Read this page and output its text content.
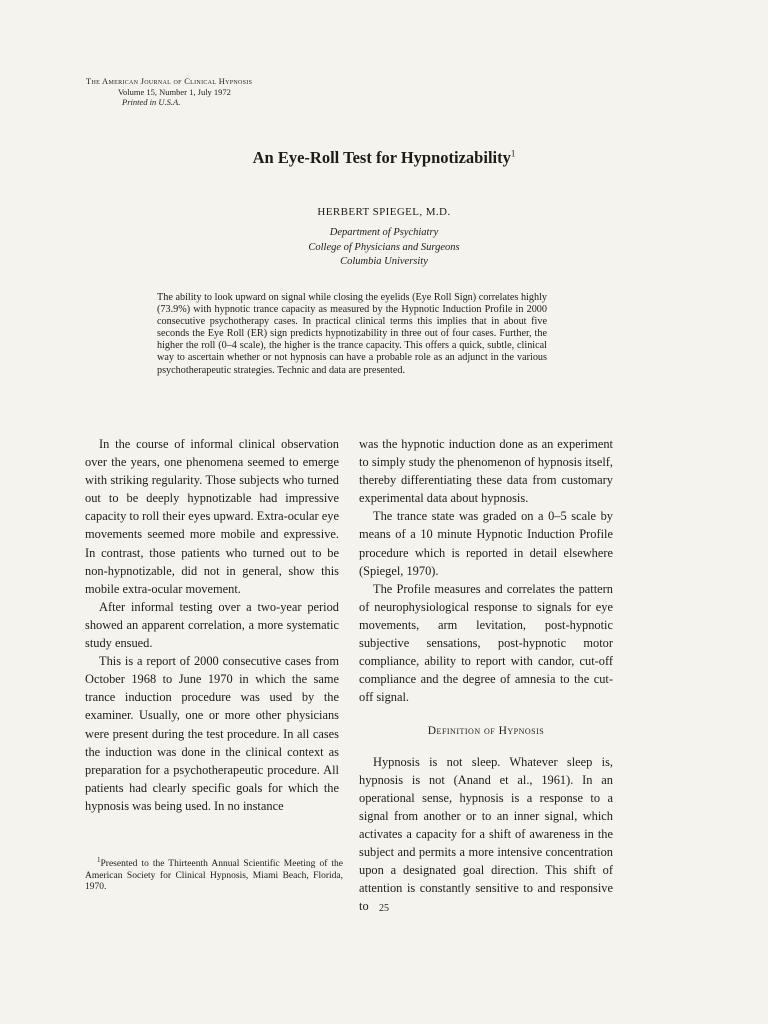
The American Journal of Clinical Hypnosis
Volume 15, Number 1, July 1972
Printed in U.S.A.
An Eye-Roll Test for Hypnotizability$^1$
HERBERT SPIEGEL, M.D.
Department of Psychiatry
College of Physicians and Surgeons
Columbia University

The ability to look upward on signal while closing the eyelids (Eye Roll Sign) correlates highly (73.9%) with hypnotic trance capacity as measured by the Hypnotic Induction Profile in 2000 consecutive psychotherapy cases. In practical clinical terms this implies that in about five seconds the Eye Roll (ER) sign predicts hypnotizability in three out of four cases. Further, the higher the roll (0–4 scale), the higher is the trance capacity. This offers a quick, subtle, clinical way to ascertain whether or not hypnosis can have a probable role as an adjunct in the various psychotherapeutic strategies. Technic and data are presented.

In the course of informal clinical observation over the years, one phenomena seemed to emerge with striking regularity. Those subjects who turned out to be deeply hypnotizable had impressive capacity to roll their eyes upward. Extra-ocular eye movements seemed more mobile and expressive. In contrast, those patients who turned out to be non-hypnotizable, did not in general, show this mobile extra-ocular movement.

After informal testing over a two-year period showed an apparent correlation, a more systematic study ensued.

This is a report of 2000 consecutive cases from October 1968 to June 1970 in which the same trance induction procedure was used by the examiner. Usually, one or more other physicians were present during the test procedure. In all cases the induction was done in the clinical context as preparation for a psychotherapeutic procedure. All patients had clearly specific goals for which the hypnosis was being used. In no instance

was the hypnotic induction done as an experiment to simply study the phenomenon of hypnosis itself, thereby differentiating these data from customary experimental data about hypnosis.

The trance state was graded on a 0–5 scale by means of a 10 minute Hypnotic Induction Profile procedure which is reported in detail elsewhere (Spiegel, 1970).

The Profile measures and correlates the pattern of neurophysiological response to signals for eye movements, arm levitation, post-hypnotic subjective sensations, post-hypnotic motor compliance, ability to report with candor, cut-off compliance and the degree of amnesia to the cut-off signal.

Definition of Hypnosis

Hypnosis is not sleep. Whatever sleep is, hypnosis is not (Anand et al., 1961). In an operational sense, hypnosis is a response to a signal from another or to an inner signal, which activates a capacity for a shift of awareness in the subject and permits a more intensive concentration upon a designated goal direction. This shift of attention is constantly sensitive to and responsive to

$^1$Presented to the Thirteenth Annual Scientific Meeting of the American Society for Clinical Hypnosis, Miami Beach, Florida, 1970.

25
